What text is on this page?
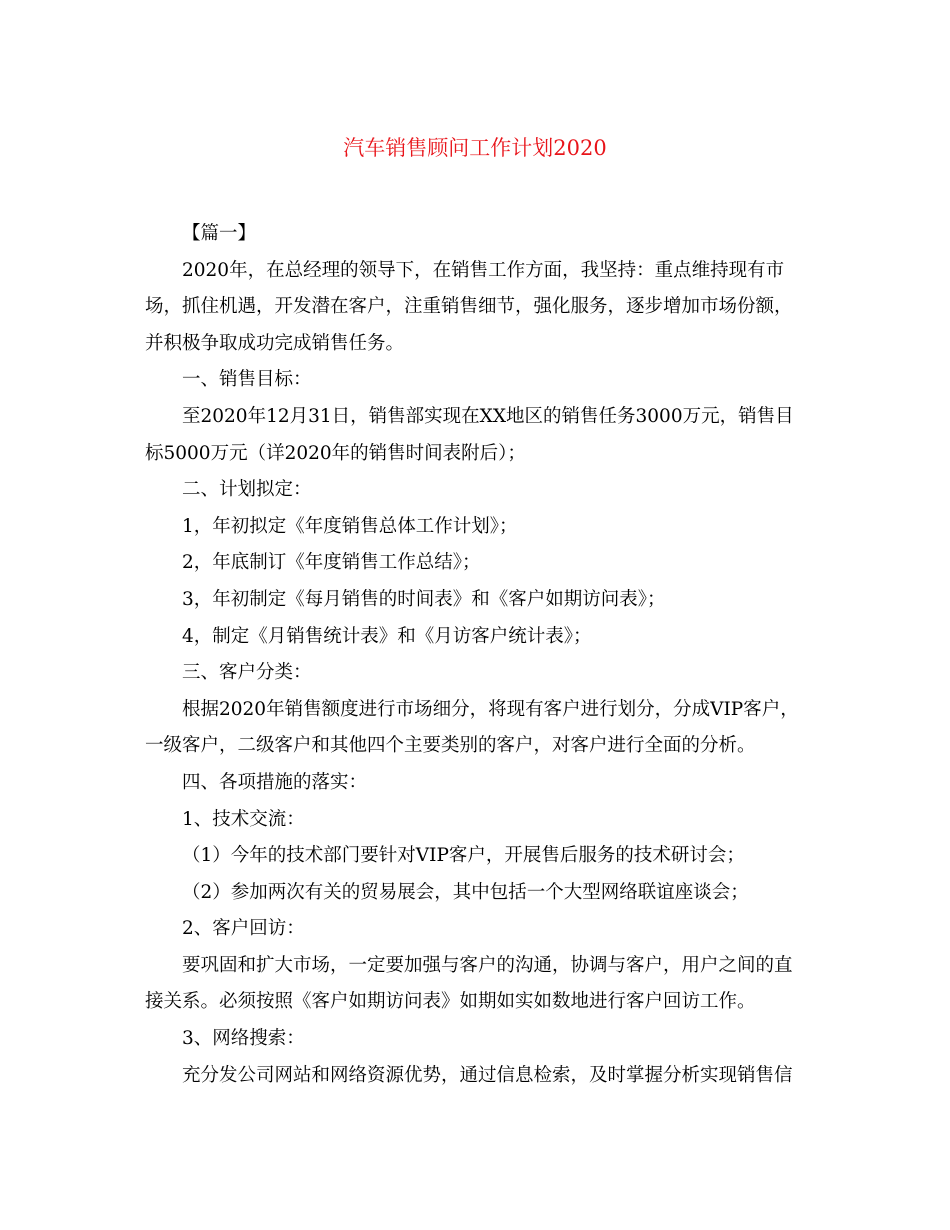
汽车销售顾问工作计划2020

【篇一】

2020年，在总经理的领导下，在销售工作方面，我坚持：重点维持现有市

场，抓住机遇，开发潜在客户，注重销售细节，强化服务，逐步增加市场份额，

并积极争取成功完成销售任务。

一、销售目标：

至2020年12月31日，销售部实现在XX地区的销售任务3000万元，销售目

标5000万元（详2020年的销售时间表附后）；

二、计划拟定：

1，年初拟定《年度销售总体工作计划》；

2，年底制订《年度销售工作总结》；

3，年初制定《每月销售的时间表》和《客户如期访问表》；

4，制定《月销售统计表》和《月访客户统计表》；

三、客户分类：

根据2020年销售额度进行市场细分，将现有客户进行划分，分成VIP客户，

一级客户，二级客户和其他四个主要类别的客户，对客户进行全面的分析。

四、各项措施的落实：

1、技术交流：

（1）今年的技术部门要针对VIP客户，开展售后服务的技术研讨会；

（2）参加两次有关的贸易展会，其中包括一个大型网络联谊座谈会；

2、客户回访：

要巩固和扩大市场，一定要加强与客户的沟通，协调与客户，用户之间的直

接关系。必须按照《客户如期访问表》如期如实如数地进行客户回访工作。

3、网络搜索：

充分发公司网站和网络资源优势，通过信息检索，及时掌握分析实现销售信
